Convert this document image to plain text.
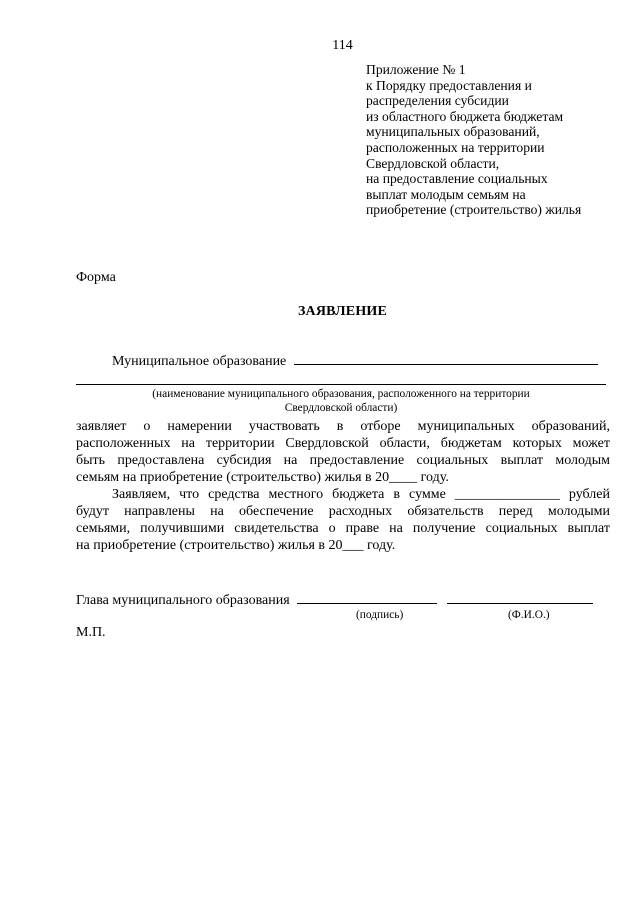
114
Приложение № 1
к Порядку предоставления и
распределения субсидии
из областного бюджета бюджетам
муниципальных образований,
расположенных на территории
Свердловской области,
на предоставление социальных
выплат молодым семьям на
приобретение (строительство) жилья
Форма
ЗАЯВЛЕНИЕ
Муниципальное образование
(наименование муниципального образования, расположенного на территории
Свердловской области)

заявляет о намерении участвовать в отборе муниципальных образований,

расположенных на территории Свердловской области, бюджетам которых может

быть предоставлена субсидия на предоставление социальных выплат молодым

семьям на приобретение (строительство) жилья в 20____ году.

Заявляем, что средства местного бюджета в сумме _______________ рублей

будут направлены на обеспечение расходных обязательств перед молодыми

семьями, получившими свидетельства о праве на получение социальных выплат

на приобретение (строительство) жилья в 20___ году.

Глава муниципального образования
(подпись)	(Ф.И.О.)
М.П.
